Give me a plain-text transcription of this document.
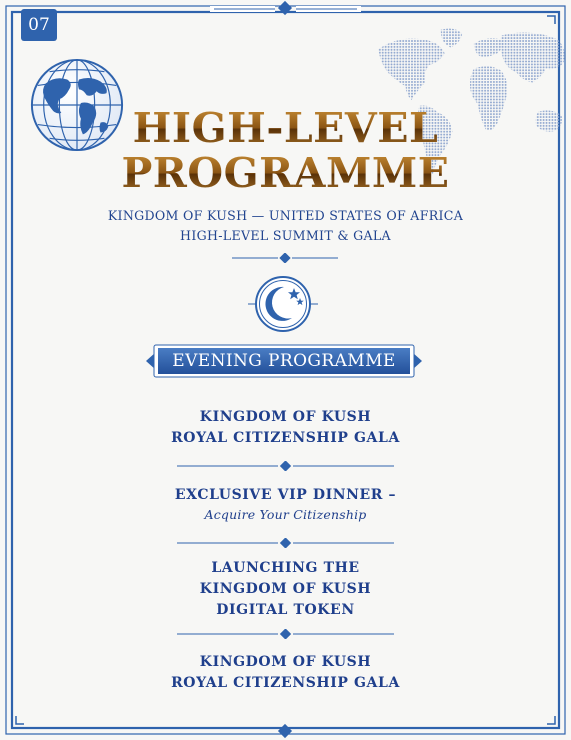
07
HIGH-LEVEL
PROGRAMME
KINGDOM OF KUSH — UNITED STATES OF AFRICA
HIGH-LEVEL SUMMIT & GALA
EVENING PROGRAMME
KINGDOM OF KUSH
ROYAL CITIZENSHIP GALA
EXCLUSIVE VIP DINNER –
Acquire Your Citizenship
LAUNCHING THE
KINGDOM OF KUSH
DIGITAL TOKEN
KINGDOM OF KUSH
ROYAL CITIZENSHIP GALA
